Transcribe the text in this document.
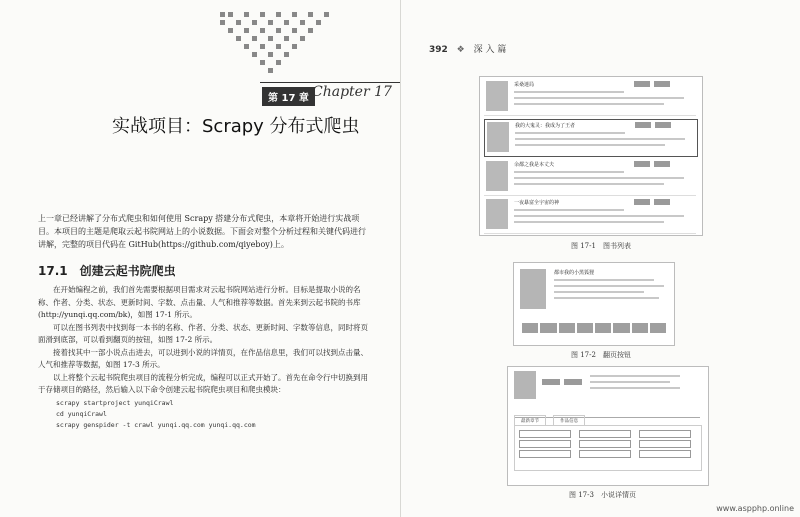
第 17 章 Chapter 17
实战项目：Scrapy 分布式爬虫
上一章已经讲解了分布式爬虫和如何使用 Scrapy 搭建分布式爬虫，本章将开始进行实战项目。本项目的主题是爬取云起书院网站上的小说数据。下面会对整个分析过程和关键代码进行讲解，完整的项目代码在 GitHub(https://github.com/qiyeboy)上。
17.1　创建云起书院爬虫

在开始编程之前，我们首先需要根据项目需求对云起书院网站进行分析。目标是提取小说的名称、作者、分类、状态、更新时间、字数、点击量、人气和推荐等数据。首先来到云起书院的书库(http://yunqi.qq.com/bk)，如图 17-1 所示。

可以在图书列表中找到每一本书的名称、作者、分类、状态、更新时间、字数等信息，同时将页面滑到底部，可以看到翻页的按钮，如图 17-2 所示。

接着找其中一部小说点击进去，可以进到小说的详情页，在作品信息里，我们可以找到点击量、人气和推荐等数据，如图 17-3 所示。

以上将整个云起书院爬虫项目的流程分析完成，编程可以正式开始了。首先在命令行中切换到用于存储项目的路径，然后输入以下命令创建云起书院爬虫项目和爬虫模块：

scrapy startproject yunqiCrawl
cd yunqiCrawl
scrapy genspider -t crawl yunqi.qq.com yunqi.qq.com
392 ❖ 深 入 篇
采桑迷局
我的大鬼灵：我成为了王者
余都之我是本丈夫
一夜暴富全宇宙的神
图 17-1　图书列表
都市我的小黑狐狸
图 17-2　翻页按钮
最新章节	作品信息
图 17-3　小说详情页
www.aspphp.online
